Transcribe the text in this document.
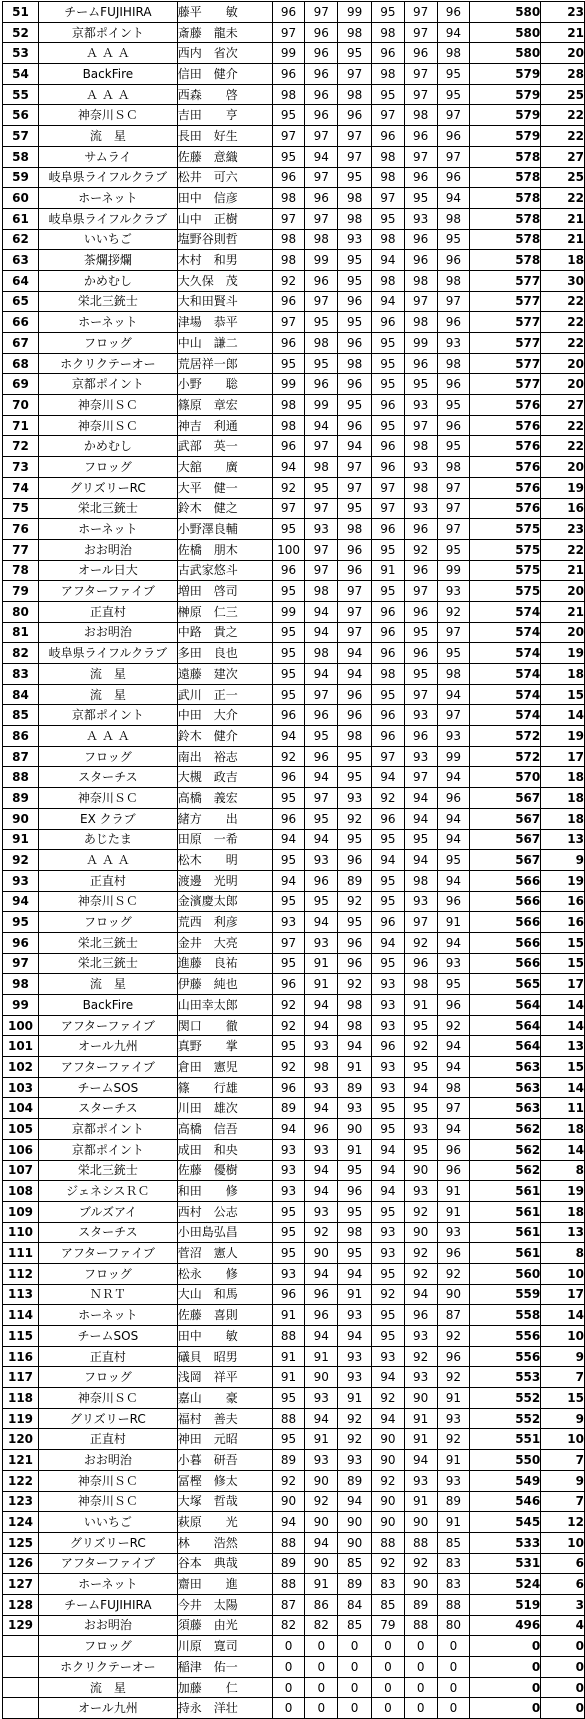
51	チームFUJIHIRA	藤平　　敏	96	97	99	95	97	96	580	23
52	京都ポイント	斎藤　龍未	97	96	98	98	97	94	580	21
53	Ａ Ａ Ａ	西内　省次	99	96	95	96	96	98	580	20
54	BackFire	信田　健介	96	96	97	98	97	95	579	28
55	Ａ Ａ Ａ	西森　　啓	98	96	98	95	97	95	579	25
56	神奈川ＳＣ	吉田　　亨	95	96	96	97	98	97	579	22
57	流　星	長田　好生	97	97	97	96	96	96	579	22
58	サムライ	佐藤　意織	95	94	97	98	97	97	578	27
59	岐阜県ライフルクラブ	松井　可六	96	97	95	98	96	96	578	25
60	ホーネット	田中　信彦	98	96	98	97	95	94	578	22
61	岐阜県ライフルクラブ	山中　正樹	97	97	98	95	93	98	578	21
62	いいちご	塩野谷則哲	98	98	93	98	96	95	578	21
63	茶爛拶爛	木村　和男	98	99	95	94	96	96	578	18
64	かめむし	大久保　茂	92	96	95	98	98	98	577	30
65	栄北三銃士	大和田賢斗	96	97	96	94	97	97	577	22
66	ホーネット	津場　恭平	97	95	95	96	98	96	577	22
67	フロッグ	中山　謙二	96	98	96	95	99	93	577	22
68	ホクリクテーオー	荒居祥一郎	95	95	98	95	96	98	577	20
69	京都ポイント	小野　　聡	99	96	96	95	95	96	577	20
70	神奈川ＳＣ	篠原　章宏	98	99	95	96	93	95	576	27
71	神奈川ＳＣ	神吉　利通	98	94	96	95	97	96	576	22
72	かめむし	武部　英一	96	97	94	96	98	95	576	22
73	フロッグ	大舘　　廣	94	98	97	96	93	98	576	20
74	グリズリーRC	大平　健一	92	95	97	97	98	97	576	19
75	栄北三銃士	鈴木　健之	97	97	95	97	93	97	576	16
76	ホーネット	小野澤良輔	95	93	98	96	96	97	575	23
77	おお明治	佐橋　朋木	100	97	96	95	92	95	575	22
78	オール日大	古武家悠斗	96	97	96	91	96	99	575	21
79	アフターファイブ	増田　啓司	95	98	97	95	97	93	575	20
80	正直村	榊原　仁三	99	94	97	96	96	92	574	21
81	おお明治	中路　貴之	95	94	97	96	95	97	574	20
82	岐阜県ライフルクラブ	多田　良也	95	98	94	96	96	95	574	19
83	流　星	遠藤　建次	95	94	94	98	95	98	574	18
84	流　星	武川　正一	95	97	96	95	97	94	574	15
85	京都ポイント	中田　大介	96	96	96	96	93	97	574	14
86	Ａ Ａ Ａ	鈴木　健介	94	95	98	96	96	93	572	19
87	フロッグ	南出　裕志	92	96	95	97	93	99	572	17
88	スターチス	大槻　政吉	96	94	95	94	97	94	570	18
89	神奈川ＳＣ	高橋　義宏	95	97	93	92	94	96	567	18
90	EX クラブ	緒方　　出	96	95	92	96	94	94	567	18
91	あじたま	田原　一希	94	94	95	95	95	94	567	13
92	Ａ Ａ Ａ	松木　　明	95	93	96	94	94	95	567	9
93	正直村	渡邊　光明	94	96	89	95	98	94	566	19
94	神奈川ＳＣ	金濱慶太郎	95	95	92	95	93	96	566	16
95	フロッグ	荒西　利彦	93	94	95	96	97	91	566	16
96	栄北三銃士	金井　大亮	97	93	96	94	92	94	566	15
97	栄北三銃士	進藤　良祐	95	91	96	95	96	93	566	15
98	流　星	伊藤　純也	96	91	92	93	98	95	565	17
99	BackFire	山田幸太郎	92	94	98	93	91	96	564	14
100	アフターファイブ	関口　　徹	92	94	98	93	95	92	564	14
101	オール九州	真野　　掌	95	93	94	96	92	94	564	13
102	アフターファイブ	倉田　憲児	92	98	91	93	95	94	563	15
103	チームSOS	篠　　行雄	96	93	89	93	94	98	563	14
104	スターチス	川田　雄次	89	94	93	95	95	97	563	11
105	京都ポイント	高橋　信吾	94	96	90	95	93	94	562	18
106	京都ポイント	成田　和央	93	93	91	94	95	96	562	14
107	栄北三銃士	佐藤　優樹	93	94	95	94	90	96	562	8
108	ジェネシスＲＣ	和田　　修	93	94	96	94	93	91	561	19
109	ブルズアイ	西村　公志	95	93	95	95	92	91	561	18
110	スターチス	小田島弘昌	95	92	98	93	90	93	561	13
111	アフターファイブ	菅沼　憲人	95	90	95	93	92	96	561	8
112	フロッグ	松永　　修	93	94	94	95	92	92	560	10
113	ＮＲＴ	大山　和馬	96	96	91	92	94	90	559	17
114	ホーネット	佐藤　喜則	91	96	93	95	96	87	558	14
115	チームSOS	田中　　敏	88	94	94	95	93	92	556	10
116	正直村	礒貝　昭男	91	91	93	93	92	96	556	9
117	フロッグ	浅岡　祥平	91	90	93	94	93	92	553	7
118	神奈川ＳＣ	嘉山　　豪	95	93	91	92	90	91	552	15
119	グリズリーRC	福村　善夫	88	94	92	94	91	93	552	9
120	正直村	神田　元昭	95	91	92	90	91	92	551	10
121	おお明治	小暮　研吾	89	93	93	90	94	91	550	7
122	神奈川ＳＣ	冨樫　修太	92	90	89	92	93	93	549	9
123	神奈川ＳＣ	大塚　哲哉	90	92	94	90	91	89	546	7
124	いいちご	萩原　　光	94	90	90	90	90	91	545	12
125	グリズリーRC	林　　浩然	88	94	90	88	88	85	533	10
126	アフターファイブ	谷本　典哉	89	90	85	92	92	83	531	6
127	ホーネット	齋田　　進	88	91	89	83	90	83	524	6
128	チームFUJIHIRA	今井　太陽	87	86	84	85	89	88	519	3
129	おお明治	須藤　由光	82	82	85	79	88	80	496	4
	フロッグ	川原　寛司	0	0	0	0	0	0	0	0
	ホクリクテーオー	稲津　佑一	0	0	0	0	0	0	0	0
	流　星	加藤　　仁	0	0	0	0	0	0	0	0
	オール九州	持永　洋壮	0	0	0	0	0	0	0	0
